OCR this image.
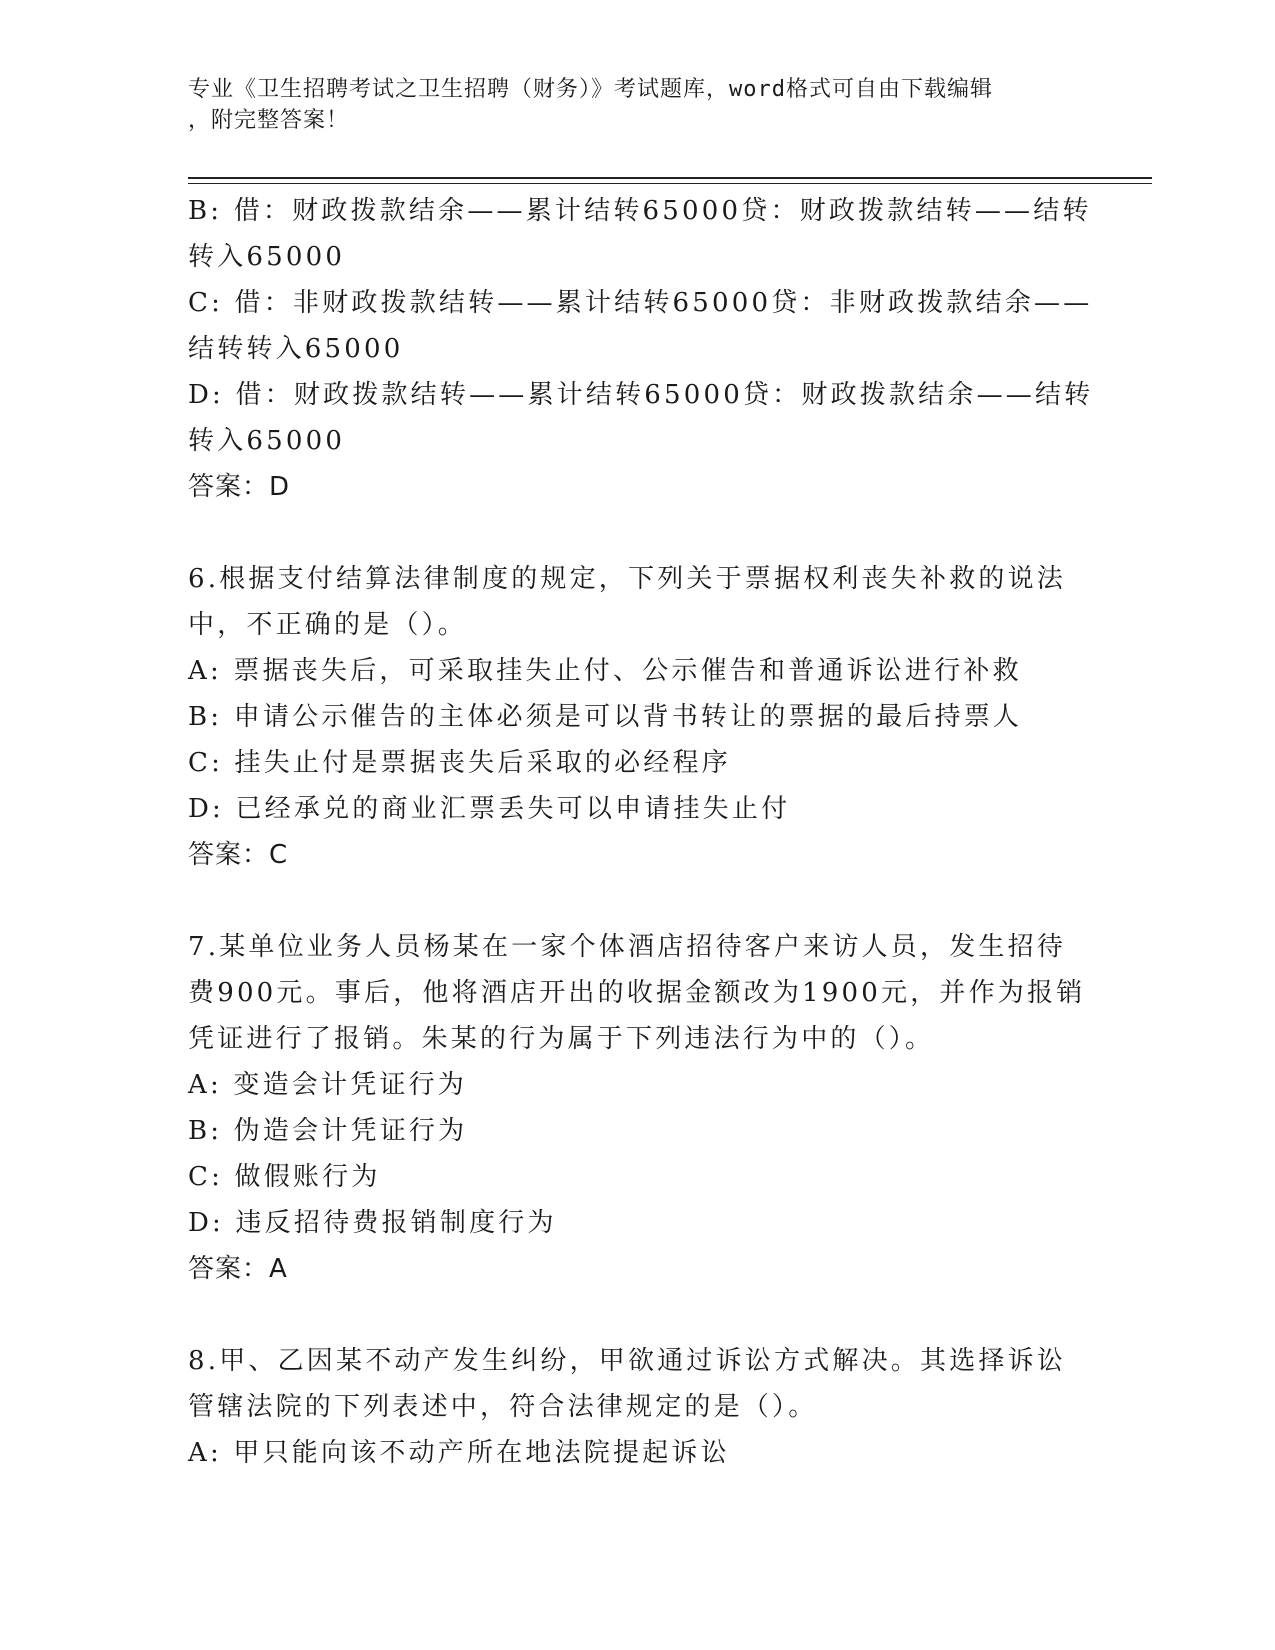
专业《卫生招聘考试之卫生招聘（财务）》考试题库，word格式可自由下载编辑
，附完整答案！
B: 借：财政拨款结余——累计结转65000贷：财政拨款结转——结转
转入65000
C: 借：非财政拨款结转——累计结转65000贷：非财政拨款结余——
结转转入65000
D: 借：财政拨款结转——累计结转65000贷：财政拨款结余——结转
转入65000
答案：D
6.根据支付结算法律制度的规定，下列关于票据权利丧失补救的说法
中，不正确的是（）。
A: 票据丧失后，可采取挂失止付、公示催告和普通诉讼进行补救
B: 申请公示催告的主体必须是可以背书转让的票据的最后持票人
C: 挂失止付是票据丧失后采取的必经程序
D: 已经承兑的商业汇票丢失可以申请挂失止付
答案：C
7.某单位业务人员杨某在一家个体酒店招待客户来访人员，发生招待
费900元。事后，他将酒店开出的收据金额改为1900元，并作为报销
凭证进行了报销。朱某的行为属于下列违法行为中的（）。
A: 变造会计凭证行为
B: 伪造会计凭证行为
C: 做假账行为
D: 违反招待费报销制度行为
答案：A
8.甲、乙因某不动产发生纠纷，甲欲通过诉讼方式解决。其选择诉讼
管辖法院的下列表述中，符合法律规定的是（）。
A: 甲只能向该不动产所在地法院提起诉讼
